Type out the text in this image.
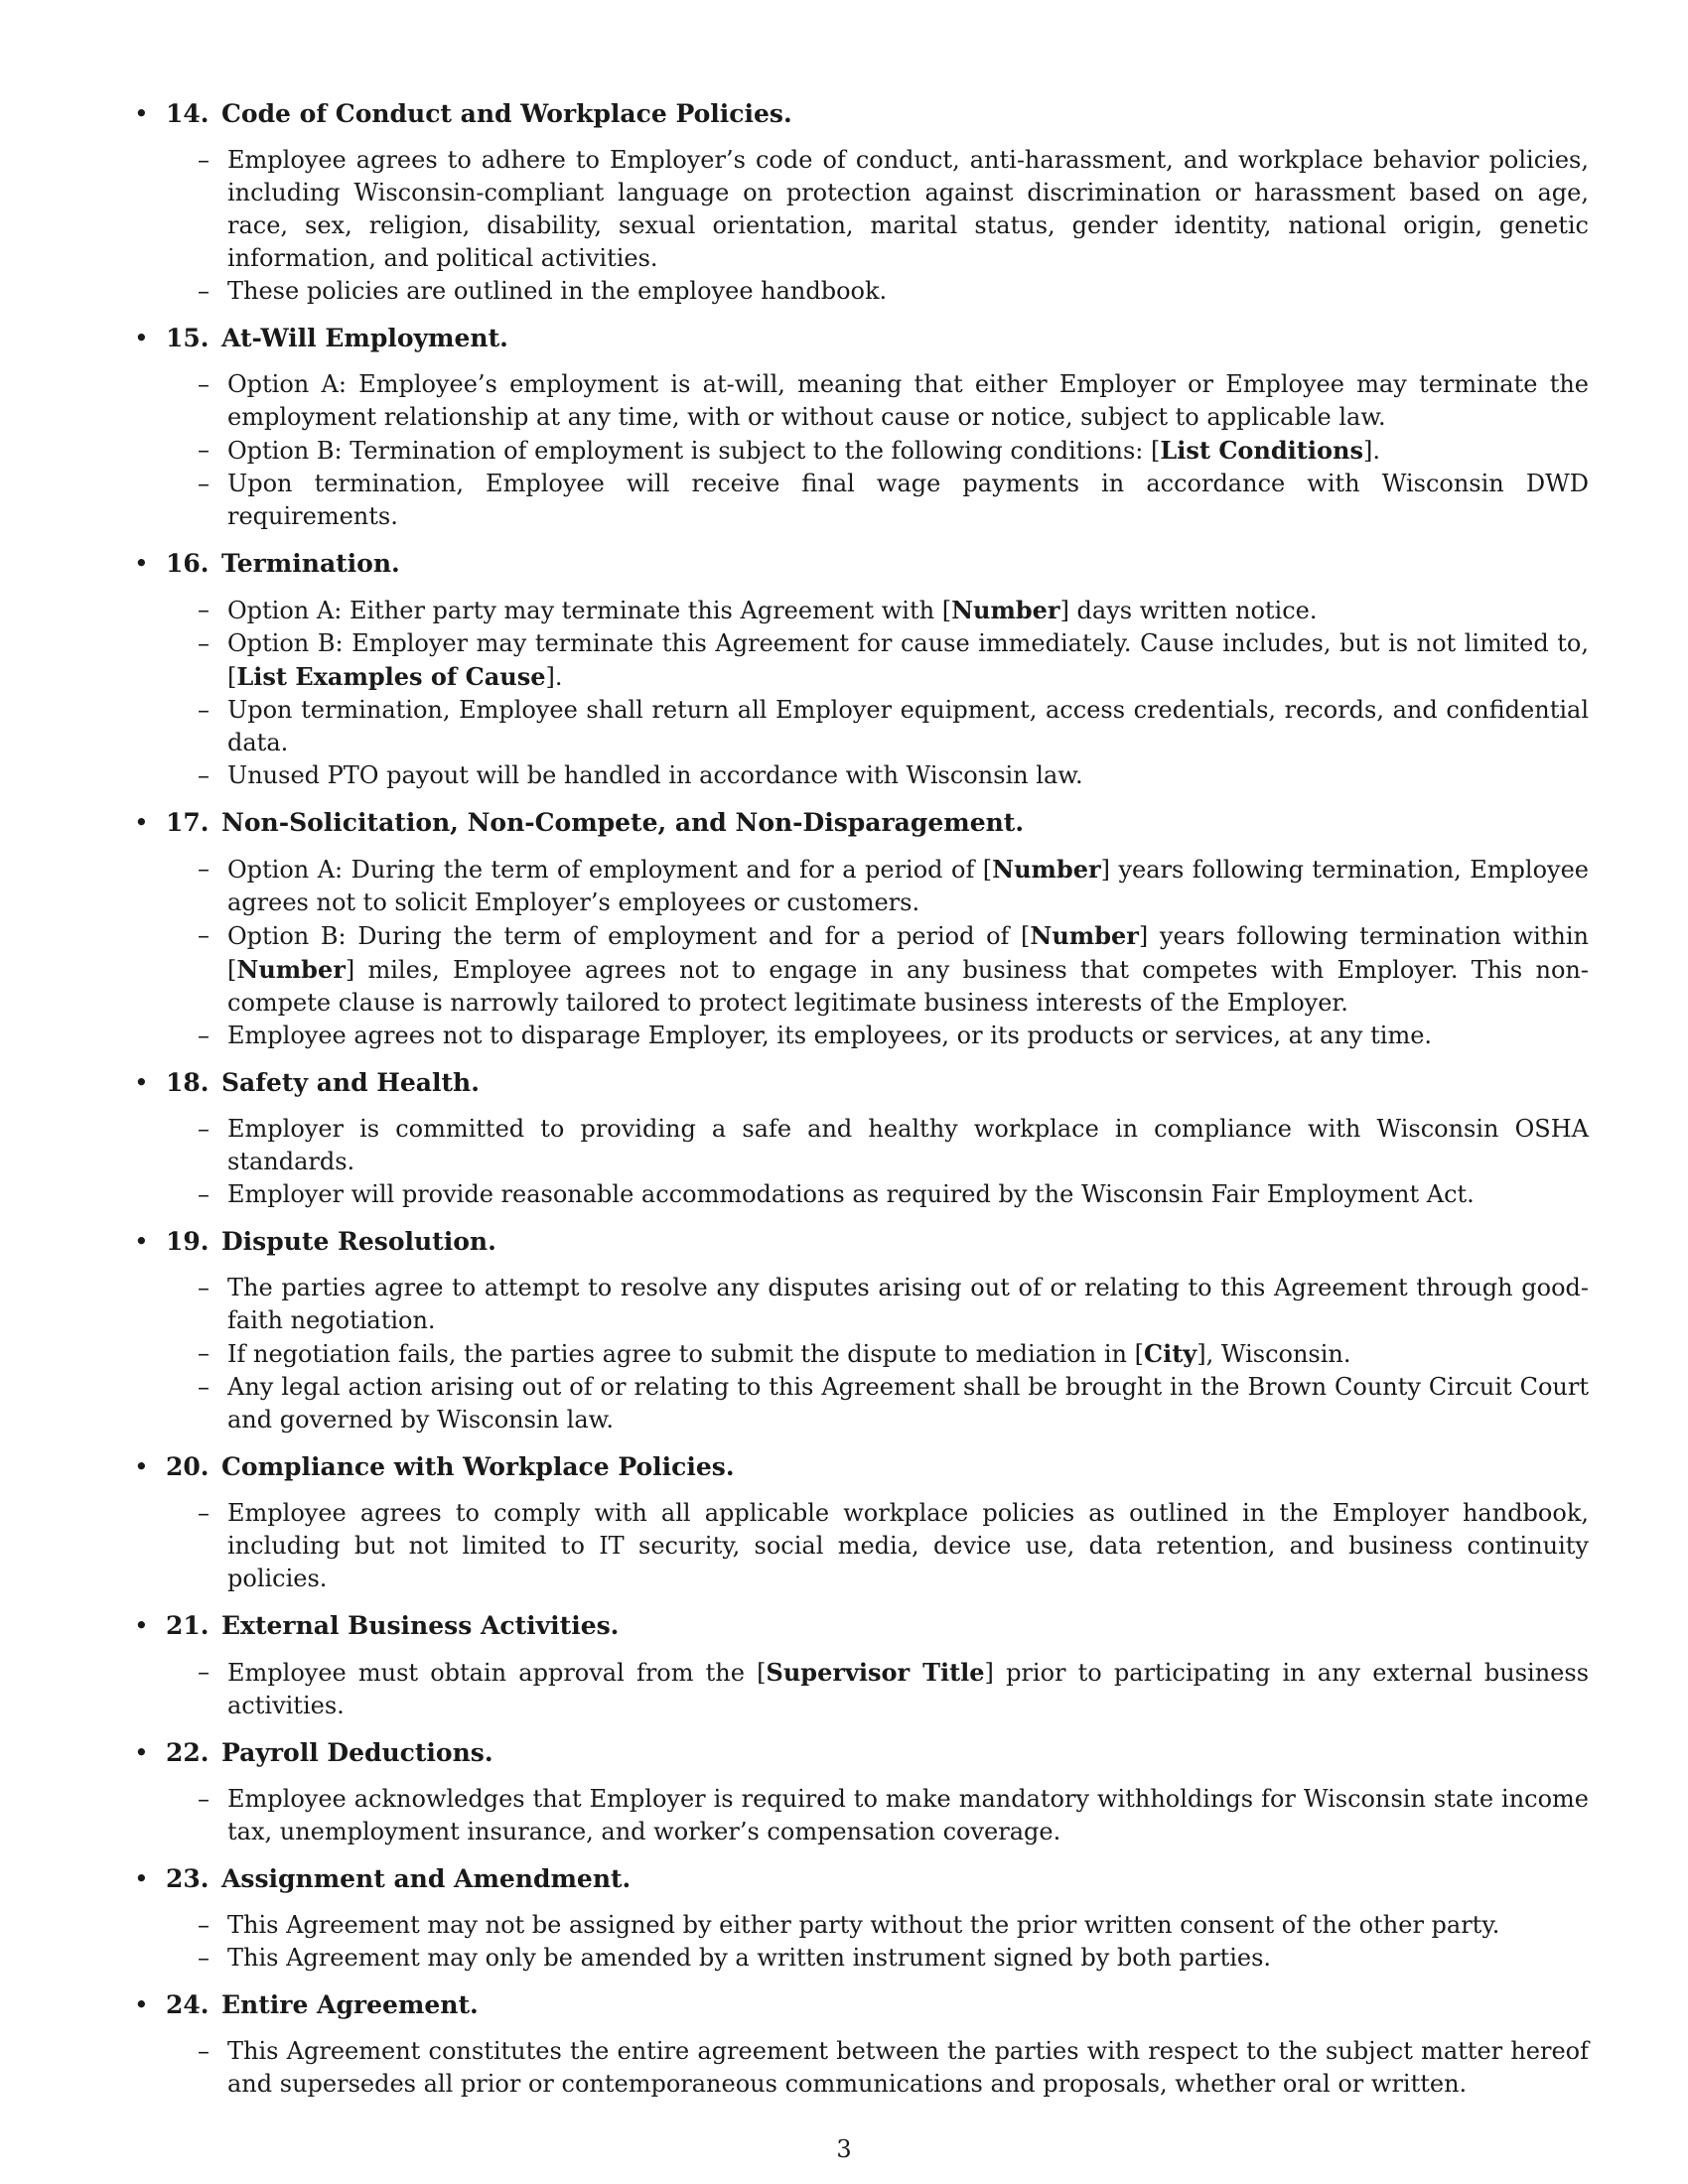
• 14. Code of Conduct and Workplace Policies.
– Employee agrees to adhere to Employer’s code of conduct, anti-harassment, and workplace behavior policies, including Wisconsin-compliant language on protection against discrimination or harassment based on age, race, sex, religion, disability, sexual orientation, marital status, gender identity, national origin, genetic information, and political activities.
– These policies are outlined in the employee handbook.
• 15. At-Will Employment.
– Option A: Employee’s employment is at-will, meaning that either Employer or Employee may terminate the employment relationship at any time, with or without cause or notice, subject to applicable law.
– Option B: Termination of employment is subject to the following conditions: [List Conditions].
– Upon termination, Employee will receive final wage payments in accordance with Wisconsin DWD requirements.
• 16. Termination.
– Option A: Either party may terminate this Agreement with [Number] days written notice.
– Option B: Employer may terminate this Agreement for cause immediately. Cause includes, but is not limited to, [List Examples of Cause].
– Upon termination, Employee shall return all Employer equipment, access credentials, records, and confidential data.
– Unused PTO payout will be handled in accordance with Wisconsin law.
• 17. Non-Solicitation, Non-Compete, and Non-Disparagement.
– Option A: During the term of employment and for a period of [Number] years following termination, Employee agrees not to solicit Employer’s employees or customers.
– Option B: During the term of employment and for a period of [Number] years following termination within [Number] miles, Employee agrees not to engage in any business that competes with Employer. This non-compete clause is narrowly tailored to protect legitimate business interests of the Employer.
– Employee agrees not to disparage Employer, its employees, or its products or services, at any time.
• 18. Safety and Health.
– Employer is committed to providing a safe and healthy workplace in compliance with Wisconsin OSHA standards.
– Employer will provide reasonable accommodations as required by the Wisconsin Fair Employment Act.
• 19. Dispute Resolution.
– The parties agree to attempt to resolve any disputes arising out of or relating to this Agreement through good-faith negotiation.
– If negotiation fails, the parties agree to submit the dispute to mediation in [City], Wisconsin.
– Any legal action arising out of or relating to this Agreement shall be brought in the Brown County Circuit Court and governed by Wisconsin law.
• 20. Compliance with Workplace Policies.
– Employee agrees to comply with all applicable workplace policies as outlined in the Employer handbook, including but not limited to IT security, social media, device use, data retention, and business continuity policies.
• 21. External Business Activities.
– Employee must obtain approval from the [Supervisor Title] prior to participating in any external business activities.
• 22. Payroll Deductions.
– Employee acknowledges that Employer is required to make mandatory withholdings for Wisconsin state income tax, unemployment insurance, and worker’s compensation coverage.
• 23. Assignment and Amendment.
– This Agreement may not be assigned by either party without the prior written consent of the other party.
– This Agreement may only be amended by a written instrument signed by both parties.
• 24. Entire Agreement.
– This Agreement constitutes the entire agreement between the parties with respect to the subject matter hereof and supersedes all prior or contemporaneous communications and proposals, whether oral or written.
3
